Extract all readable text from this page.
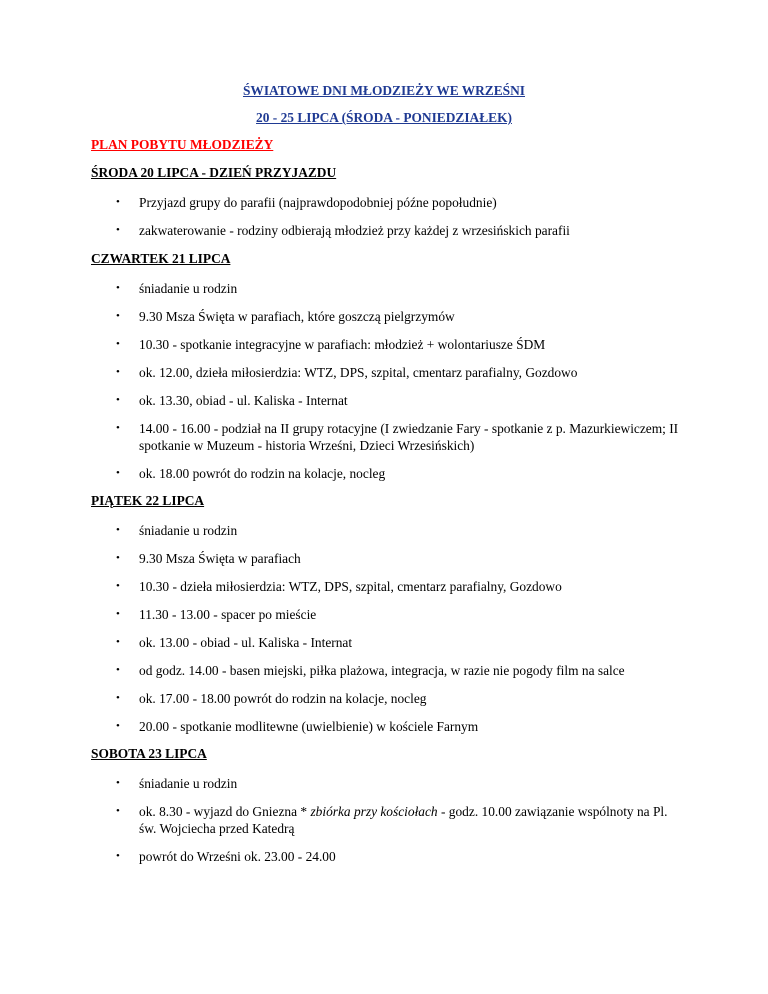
ŚWIATOWE DNI MŁODZIEŻY WE WRZEŚNI
20 - 25 LIPCA (ŚRODA - PONIEDZIAŁEK)
PLAN POBYTU MŁODZIEŻY
ŚRODA 20 LIPCA - DZIEŃ PRZYJAZDU
• Przyjazd grupy do parafii (najprawdopodobniej późne popołudnie)
• zakwaterowanie - rodziny odbierają młodzież przy każdej z wrzesińskich parafii
CZWARTEK 21 LIPCA
• śniadanie u rodzin
• 9.30 Msza Święta w parafiach, które goszczą pielgrzymów
• 10.30 - spotkanie integracyjne w parafiach: młodzież + wolontariusze ŚDM
• ok. 12.00, dzieła miłosierdzia: WTZ, DPS, szpital, cmentarz parafialny, Gozdowo
• ok. 13.30, obiad - ul. Kaliska - Internat
• 14.00 - 16.00 - podział na II grupy rotacyjne (I zwiedzanie Fary - spotkanie z p. Mazurkiewiczem; II spotkanie w Muzeum - historia Wrześni, Dzieci Wrzesińskich)
• ok. 18.00 powrót do rodzin na kolacje, nocleg
PIĄTEK 22 LIPCA
• śniadanie u rodzin
• 9.30 Msza Święta w parafiach
• 10.30 - dzieła miłosierdzia: WTZ, DPS, szpital, cmentarz parafialny, Gozdowo
• 11.30 - 13.00 - spacer po mieście
• ok. 13.00 - obiad - ul. Kaliska - Internat
• od godz. 14.00 - basen miejski, piłka plażowa, integracja, w razie nie pogody film na salce
• ok. 17.00 - 18.00 powrót do rodzin na kolacje, nocleg
• 20.00 - spotkanie modlitewne (uwielbienie) w kościele Farnym
SOBOTA 23 LIPCA
• śniadanie u rodzin
• ok. 8.30 - wyjazd do Gniezna * zbiórka przy kościołach - godz. 10.00 zawiązanie wspólnoty na Pl. św. Wojciecha przed Katedrą
• powrót do Wrześni ok. 23.00 - 24.00
